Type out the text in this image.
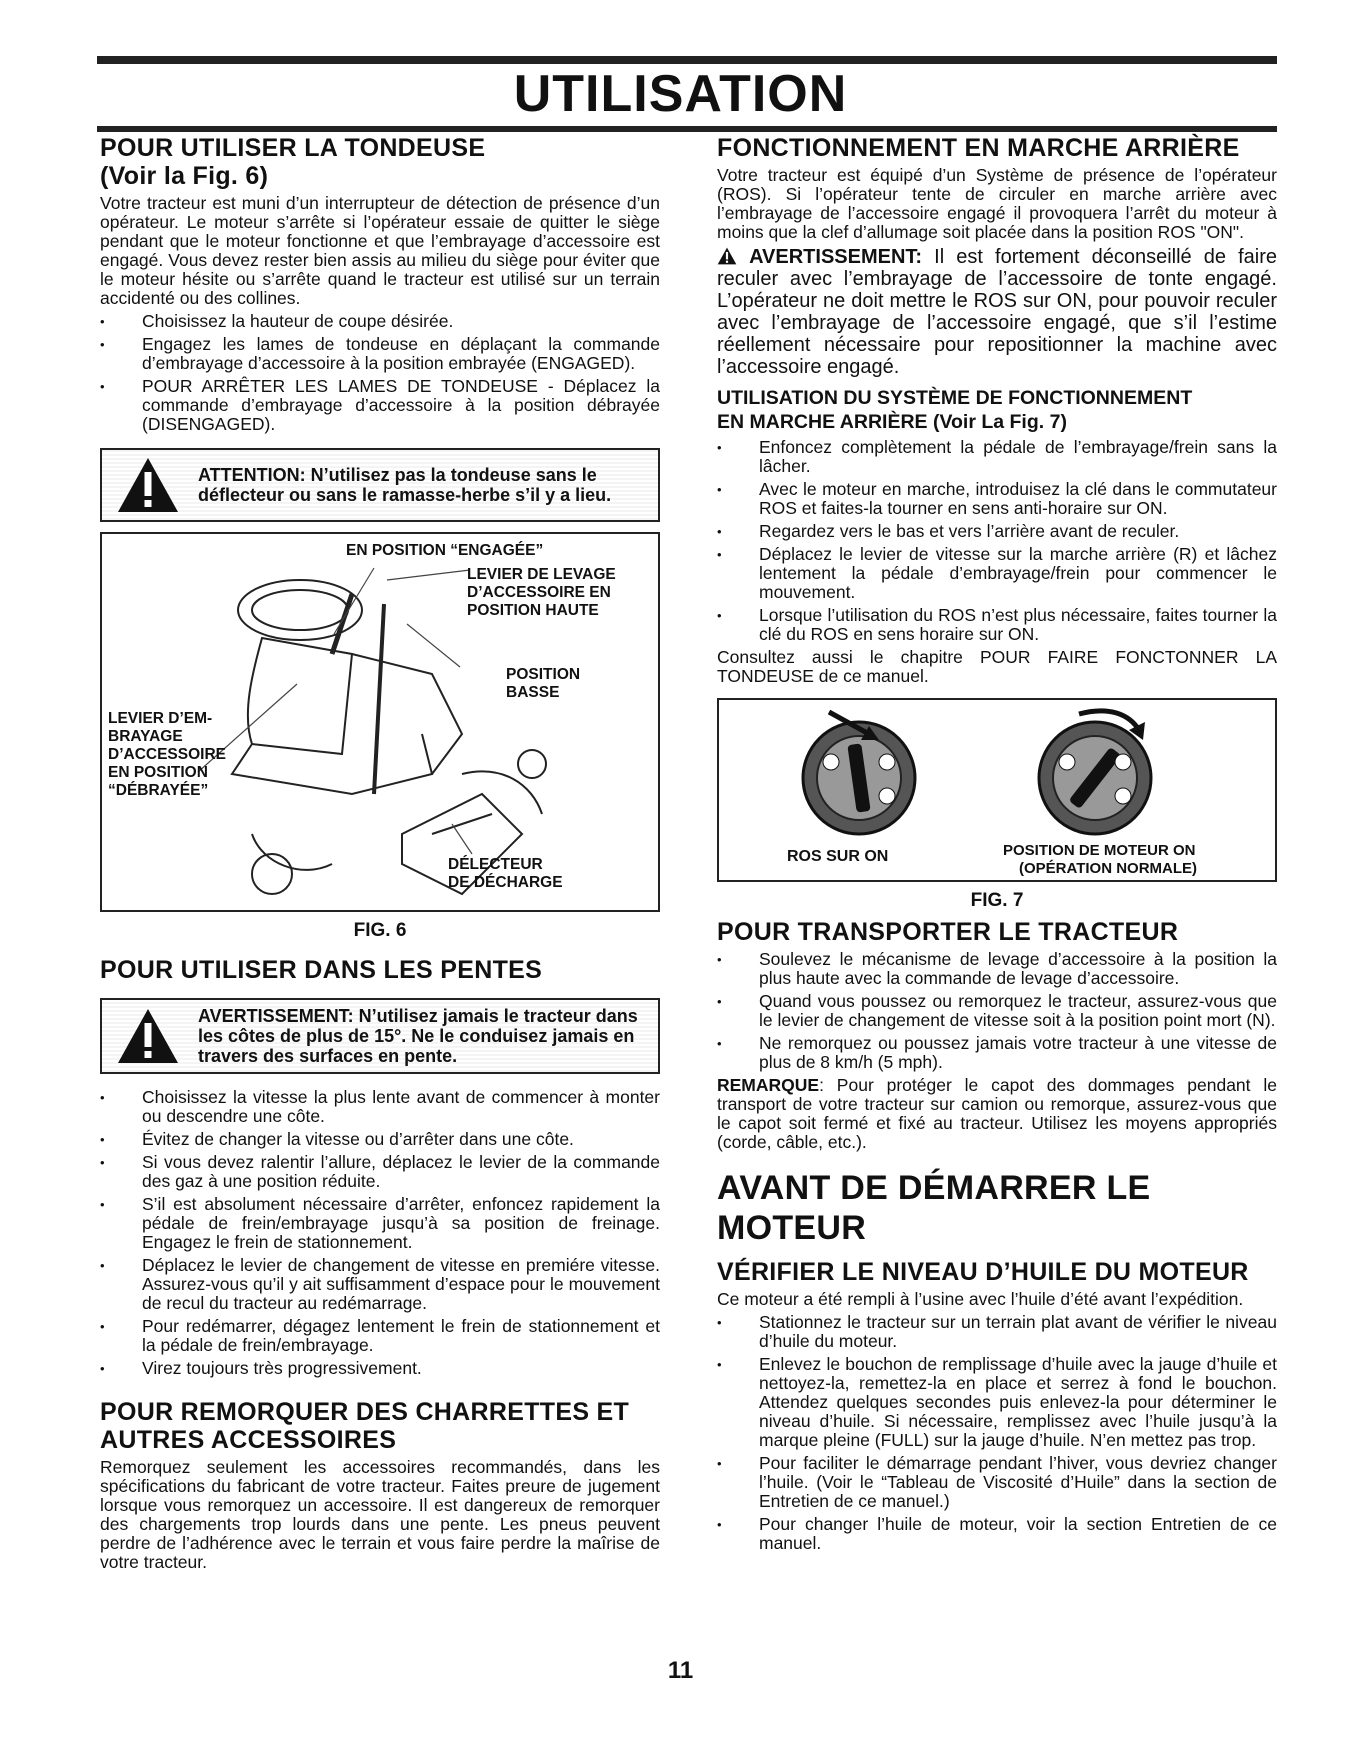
UTILISATION
POUR UTILISER LA TONDEUSE
(Voir la Fig. 6)

Votre tracteur est muni d’un interrupteur de détection de présence d’un opérateur. Le moteur s’arrête si l’opérateur essaie de quitter le siège pendant que le moteur fonctionne et que l’embrayage d’accessoire est engagé. Vous devez rester bien assis au milieu du siège pour éviter que le moteur hésite ou s’arrête quand le tracteur est utilisé sur un terrain accidenté ou des collines.

• Choisissez la hauteur de coupe désirée.
• Engagez les lames de tondeuse en déplaçant la commande d’embrayage d’accessoire à la position embrayée (ENGAGED).
• POUR ARRÊTER LES LAMES DE TONDEUSE - Déplacez la commande d’embrayage d’accessoire à la position débrayée (DISENGAGED).
ATTENTION: N’utilisez pas la tondeuse sans le déflecteur ou sans le ramasse-herbe s’il y a lieu.
EN POSITION “ENGAGÉE”
LEVIER DE LEVAGE
D’ACCESSOIRE EN
POSITION HAUTE
POSITION
BASSE
LEVIER D’EM-
BRAYAGE
D’ACCESSOIRE
EN POSITION
“DÉBRAYÉE”
DÉLECTEUR
DE DÉCHARGE
FIG. 6
POUR UTILISER DANS LES PENTES
AVERTISSEMENT: N’utilisez jamais le tracteur dans les côtes de plus de 15°. Ne le conduisez jamais en travers des surfaces en pente.
• Choisissez la vitesse la plus lente avant de commencer à monter ou descendre une côte.
• Évitez de changer la vitesse ou d’arrêter dans une côte.
• Si vous devez ralentir l’allure, déplacez le levier de la commande des gaz à une position réduite.
• S’il est absolument nécessaire d’arrêter, enfoncez rapidement la pédale de frein/embrayage jusqu’à sa position de freinage. Engagez le frein de stationnement.
• Déplacez le levier de changement de vitesse en premiére vitesse. Assurez-vous qu’il y ait suffisamment d’espace pour le mouvement de recul du tracteur au redémarrage.
• Pour redémarrer, dégagez lentement le frein de stationnement et la pédale de frein/embrayage.
• Virez toujours très progressivement.
POUR REMORQUER DES CHARRETTES ET
AUTRES ACCESSOIRES

Remorquez seulement les accessoires recommandés, dans les spécifications du fabricant de votre tracteur. Faites preure de jugement lorsque vous remorquez un accessoire. Il est dangereux de remorquer des chargements trop lourds dans une pente. Les pneus peuvent perdre de l’adhérence avec le terrain et vous faire perdre la maîrise de votre tracteur.

FONCTIONNEMENT EN MARCHE ARRIÈRE

Votre tracteur est équipé d’un Système de présence de l’opérateur (ROS). Si l’opérateur tente de circuler en marche arrière avec l’embrayage de l’accessoire engagé il provoquera l’arrêt du moteur à moins que la clef d’allumage soit placée dans la position ROS "ON".

AVERTISSEMENT: Il est fortement déconseillé de faire reculer avec l’embrayage de l’accessoire de tonte engagé. L’opérateur ne doit mettre le ROS sur ON, pour pouvoir reculer avec l’embrayage de l’accessoire engagé, que s’il l’estime réellement nécessaire pour repositionner la machine avec l’accessoire engagé.
UTILISATION DU SYSTÈME DE FONCTIONNEMENT
EN MARCHE ARRIÈRE (Voir La Fig. 7)
• Enfoncez complètement la pédale de l’embrayage/frein sans la lâcher.
• Avec le moteur en marche, introduisez la clé dans le commutateur ROS et faites-la tourner en sens anti-horaire sur ON.
• Regardez vers le bas et vers l’arrière avant de reculer.
• Déplacez le levier de vitesse sur la marche arrière (R) et lâchez lentement la pédale d’embrayage/frein pour commencer le mouvement.
• Lorsque l’utilisation du ROS n’est plus nécessaire, faites tourner la clé du ROS en sens horaire sur ON.

Consultez aussi le chapitre POUR FAIRE FONCTONNER LA TONDEUSE de ce manuel.

ROS SUR ON	POSITION DE MOTEUR ON
(OPÉRATION NORMALE)
FIG. 7
POUR TRANSPORTER LE TRACTEUR
• Soulevez le mécanisme de levage d’accessoire à la position la plus haute avec la commande de levage d’accessoire.
• Quand vous poussez ou remorquez le tracteur, assurez-vous que le levier de changement de vitesse soit à la position point mort (N).
• Ne remorquez ou poussez jamais votre tracteur à une vitesse de plus de 8 km/h (5 mph).

REMARQUE: Pour protéger le capot des dommages pendant le transport de votre tracteur sur camion ou remorque, assurez-vous que le capot soit fermé et fixé au tracteur. Utilisez les moyens appropriés (corde, câble, etc.).

AVANT DE DÉMARRER LE MOTEUR
VÉRIFIER LE NIVEAU D’HUILE DU MOTEUR

Ce moteur a été rempli à l’usine avec l’huile d’été avant l’expédition.

• Stationnez le tracteur sur un terrain plat avant de vérifier le niveau d’huile du moteur.
• Enlevez le bouchon de remplissage d’huile avec la jauge d’huile et nettoyez-la, remettez-la en place et serrez à fond le bouchon. Attendez quelques secondes puis enlevez-la pour déterminer le niveau d’huile. Si nécessaire, remplissez avec l’huile jusqu’à la marque pleine (FULL) sur la jauge d’huile. N’en mettez pas trop.
• Pour faciliter le démarrage pendant l’hiver, vous devriez changer l’huile. (Voir le “Tableau de Viscosité d’Huile” dans la section de Entretien de ce manuel.)
• Pour changer l’huile de moteur, voir la section Entretien de ce manuel.
11
